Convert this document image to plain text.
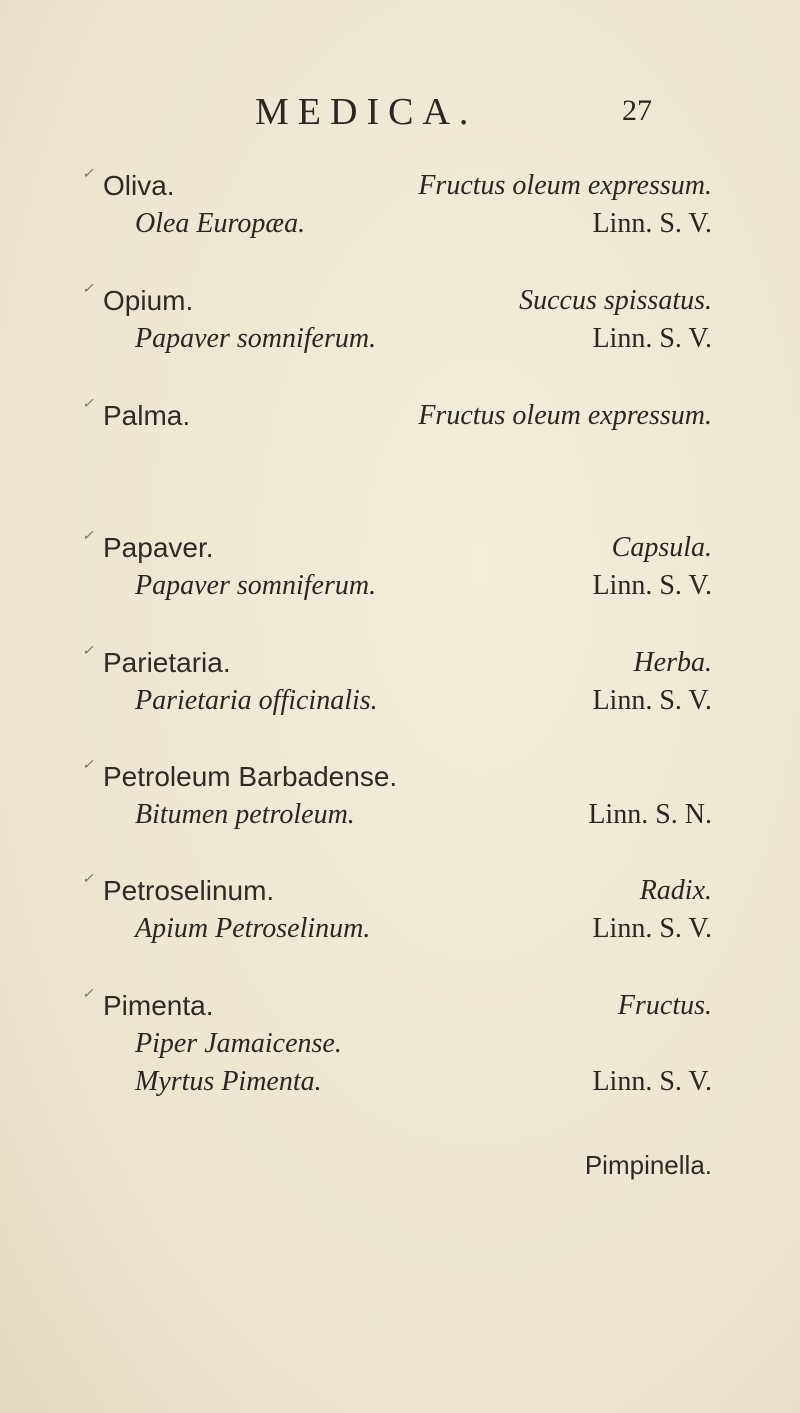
MEDICA.	27
✓ Oliva.	Fructus oleum expressum.
Olea Europæa.	Linn. S. V.
✓ Opium.	Succus spissatus.
Papaver somniferum.	Linn. S. V.
✓ Palma.	Fructus oleum expressum.
✓ Papaver.	Capsula.
Papaver somniferum.	Linn. S. V.
✓ Parietaria.	Herba.
Parietaria officinalis.	Linn. S. V.
✓ Petroleum Barbadense.
Bitumen petroleum.	Linn. S. N.
✓ Petroselinum.	Radix.
Apium Petroselinum.	Linn. S. V.
✓ Pimenta.	Fructus.
Piper Jamaicense.
Myrtus Pimenta.	Linn. S. V.
Pimpinella.
